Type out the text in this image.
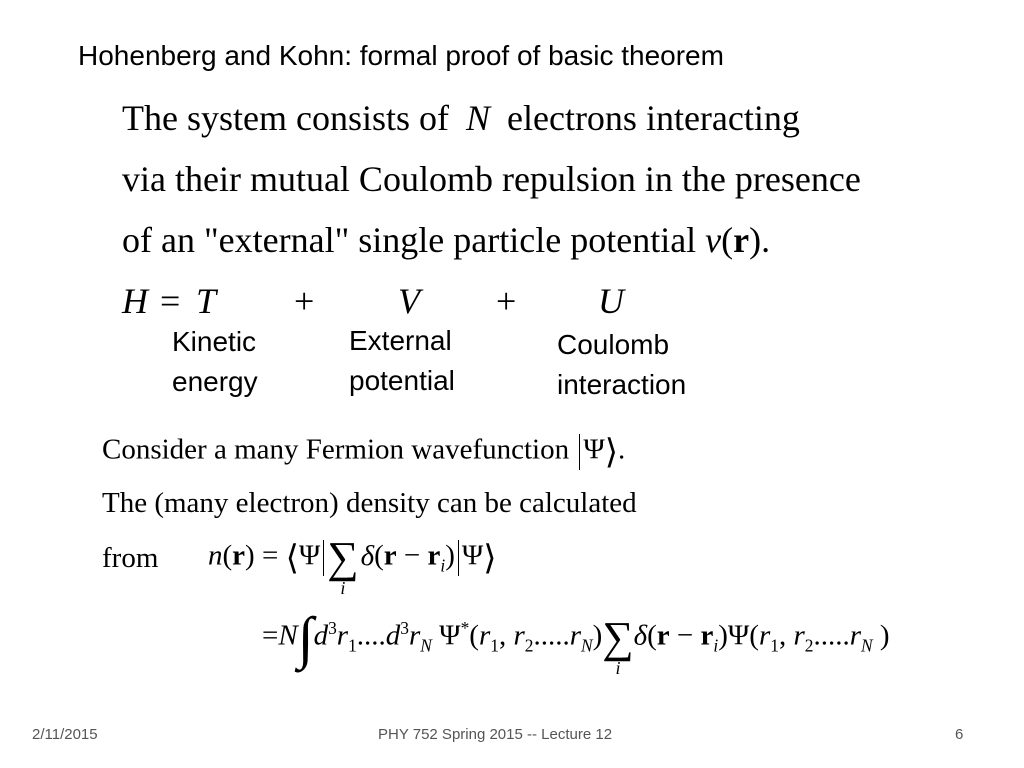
Hohenberg and Kohn: formal proof of basic theorem
The system consists of N electrons interacting
via their mutual Coulomb repulsion in the presence
of an "external" single particle potential v(r).
H = T + V + U
Kinetic
energy
External
potential
Coulomb
interaction
Consider a many Fermion wavefunction Ψ⟩.
The (many electron) density can be calculated
from n(r) = ⟨Ψ ∑
i
$\delta(r - r_i)$ Ψ⟩
$=N\int d^3r_1....d^3r_N$ $\Psi^*(r_1$, $r_2.....r_N$) ∑
i
$\delta(r - r_i)\Psi(r_1$, $r_2.....r_N$ )
2/11/2015	PHY 752 Spring 2015 -- Lecture 12	6
